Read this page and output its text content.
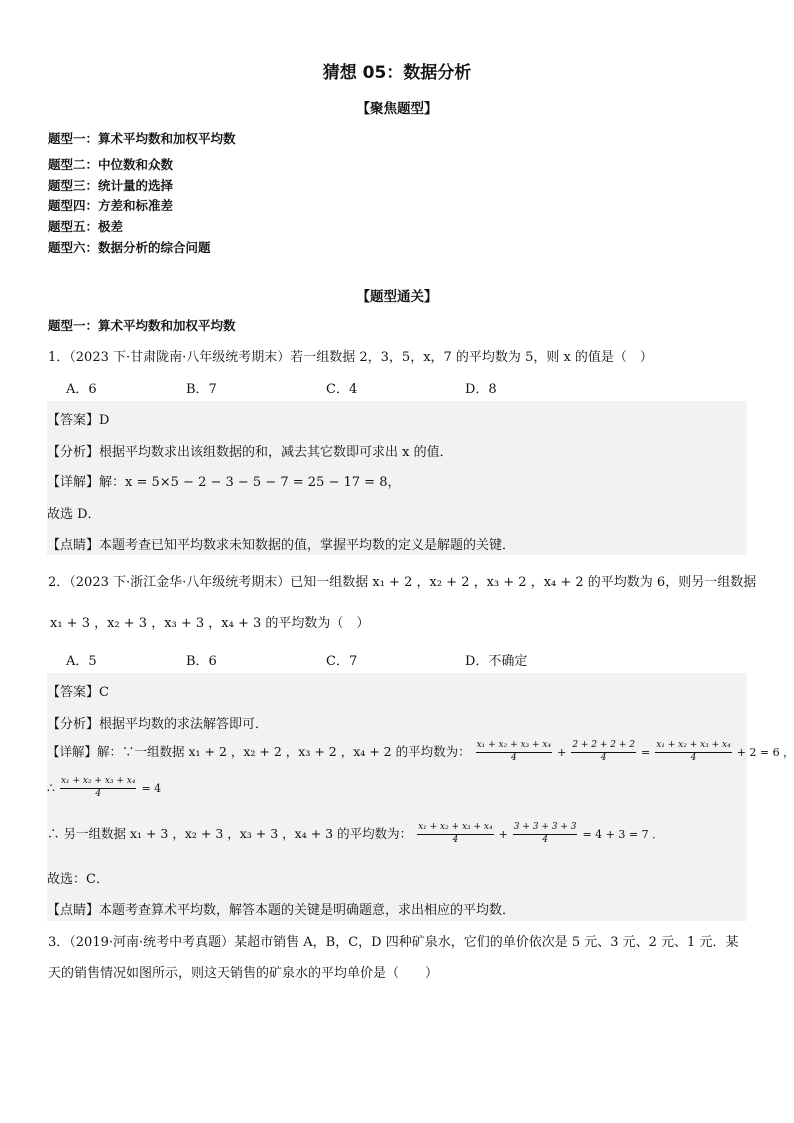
猜想 05：数据分析
【聚焦题型】
题型一：算术平均数和加权平均数
题型二：中位数和众数
题型三：统计量的选择
题型四：方差和标准差
题型五：极差
题型六：数据分析的综合问题
【题型通关】
题型一：算术平均数和加权平均数
1．（2023 下·甘肃陇南·八年级统考期末）若一组数据 2，3，5，x，7 的平均数为 5，则 x 的值是（　）
A．6	B．7	C．4	D．8
【答案】D
【分析】根据平均数求出该组数据的和，减去其它数即可求出 x 的值．
【详解】解：x = 5×5 − 2 − 3 − 5 − 7 = 25 − 17 = 8，
故选 D．
【点睛】本题考查已知平均数求未知数据的值，掌握平均数的定义是解题的关键．
2．（2023 下·浙江金华·八年级统考期末）已知一组数据 x₁ + 2 ，x₂ + 2 ，x₃ + 2 ，x₄ + 2 的平均数为 6，则另一组数据
x₁ + 3 ，x₂ + 3 ，x₃ + 3 ，x₄ + 3 的平均数为（　）
A．5	B．6	C．7	D．不确定
【答案】C
【分析】根据平均数的求法解答即可．
【详解】解：∵一组数据 x₁ + 2 ，x₂ + 2 ，x₃ + 2 ，x₄ + 2 的平均数为： $\frac{\text{x₁ + x₂ + x₃ + x₄}}{4} + \frac{2 + 2 + 2 + 2}{4} = \frac{\text{x₁ + x₂ + x₃ + x₄}}{4} + 2 = 6$ ，
∴ $\frac{\text{x₁ + x₂ + x₃ + x₄}}{4} = 4$
∴ 另一组数据 x₁ + 3 ，x₂ + 3 ，x₃ + 3 ，x₄ + 3 的平均数为： $\frac{\text{x₁ + x₂ + x₃ + x₄}}{4} + \frac{3 + 3 + 3 + 3}{4} = 4 + 3 = 7$ ．
故选：C．
【点睛】本题考查算术平均数，解答本题的关键是明确题意，求出相应的平均数．
3．（2019·河南·统考中考真题）某超市销售 A，B，C，D 四种矿泉水，它们的单价依次是 5 元、3 元、2 元、1 元．某
天的销售情况如图所示，则这天销售的矿泉水的平均单价是（　　）
